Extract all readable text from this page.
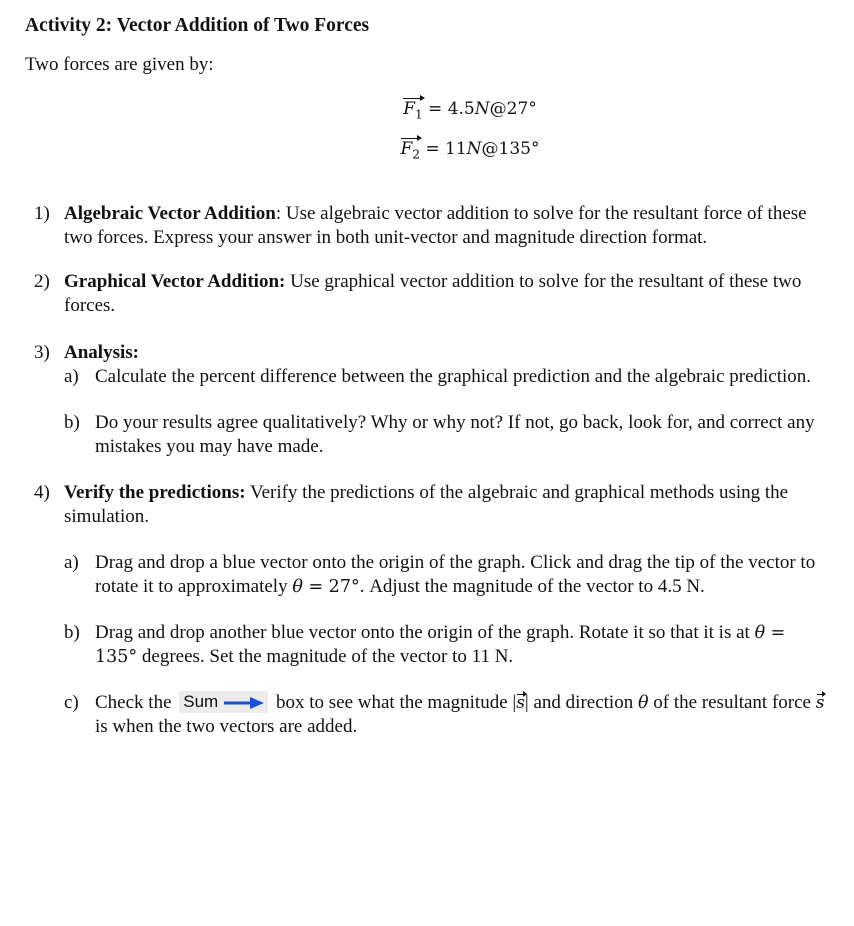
Activity 2: Vector Addition of Two Forces
Two forces are given by:
$F_1$ = 4.5N@27°
$F_2$ = 11N@135°
1) Algebraic Vector Addition: Use algebraic vector addition to solve for the resultant force of these two forces. Express your answer in both unit-vector and magnitude direction format.
2) Graphical Vector Addition: Use graphical vector addition to solve for the resultant of these two forces.
3) Analysis:
a) Calculate the percent difference between the graphical prediction and the algebraic prediction.
b) Do your results agree qualitatively? Why or why not? If not, go back, look for, and correct any mistakes you may have made.
4) Verify the predictions: Verify the predictions of the algebraic and graphical methods using the simulation.
a) Drag and drop a blue vector onto the origin of the graph. Click and drag the tip of the vector to rotate it to approximately θ = 27°. Adjust the magnitude of the vector to 4.5 N.
b) Drag and drop another blue vector onto the origin of the graph. Rotate it so that it is at θ = 135° degrees. Set the magnitude of the vector to 11 N.
c) Check the Sum	box to see what the magnitude |s| and direction θ of the resultant force s is when the two vectors are added.
